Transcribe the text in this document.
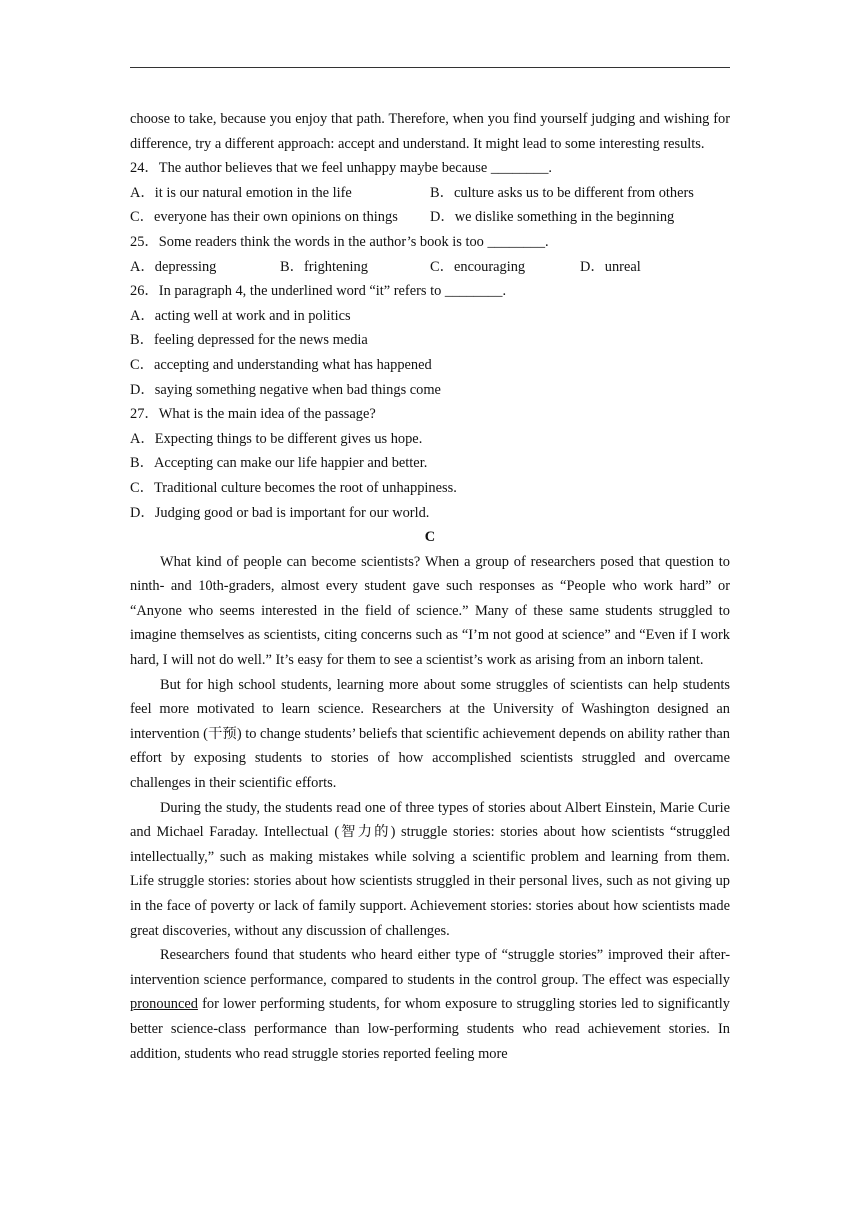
choose to take, because you enjoy that path. Therefore, when you find yourself judging and wishing for difference, try a different approach: accept and understand. It might lead to some interesting results.

24．The author believes that we feel unhappy maybe because ________.

A．it is our natural emotion in the life	B．culture asks us to be different from others
C．everyone has their own opinions on things	D．we dislike something in the beginning

25．Some readers think the words in the author’s book is too ________.

A．depressing	B．frightening	C．encouraging	D．unreal

26．In paragraph 4, the underlined word “it” refers to ________.

A．acting well at work and in politics

B．feeling depressed for the news media

C．accepting and understanding what has happened

D．saying something negative when bad things come

27．What is the main idea of the passage?

A．Expecting things to be different gives us hope.

B．Accepting can make our life happier and better.

C．Traditional culture becomes the root of unhappiness.

D．Judging good or bad is important for our world.

C

What kind of people can become scientists? When a group of researchers posed that question to ninth- and 10th-graders, almost every student gave such responses as “People who work hard” or “Anyone who seems interested in the field of science.” Many of these same students struggled to imagine themselves as scientists, citing concerns such as “I’m not good at science” and “Even if I work hard, I will not do well.” It’s easy for them to see a scientist’s work as arising from an inborn talent.

But for high school students, learning more about some struggles of scientists can help students feel more motivated to learn science. Researchers at the University of Washington designed an intervention (干预) to change students’ beliefs that scientific achievement depends on ability rather than effort by exposing students to stories of how accomplished scientists struggled and overcame challenges in their scientific efforts.

During the study, the students read one of three types of stories about Albert Einstein, Marie Curie and Michael Faraday. Intellectual (智力的) struggle stories: stories about how scientists “struggled intellectually,” such as making mistakes while solving a scientific problem and learning from them. Life struggle stories: stories about how scientists struggled in their personal lives, such as not giving up in the face of poverty or lack of family support. Achievement stories: stories about how scientists made great discoveries, without any discussion of challenges.

Researchers found that students who heard either type of “struggle stories” improved their after-intervention science performance, compared to students in the control group. The effect was especially pronounced for lower performing students, for whom exposure to struggling stories led to significantly better science-class performance than low-performing students who read achievement stories. In addition, students who read struggle stories reported feeling more
